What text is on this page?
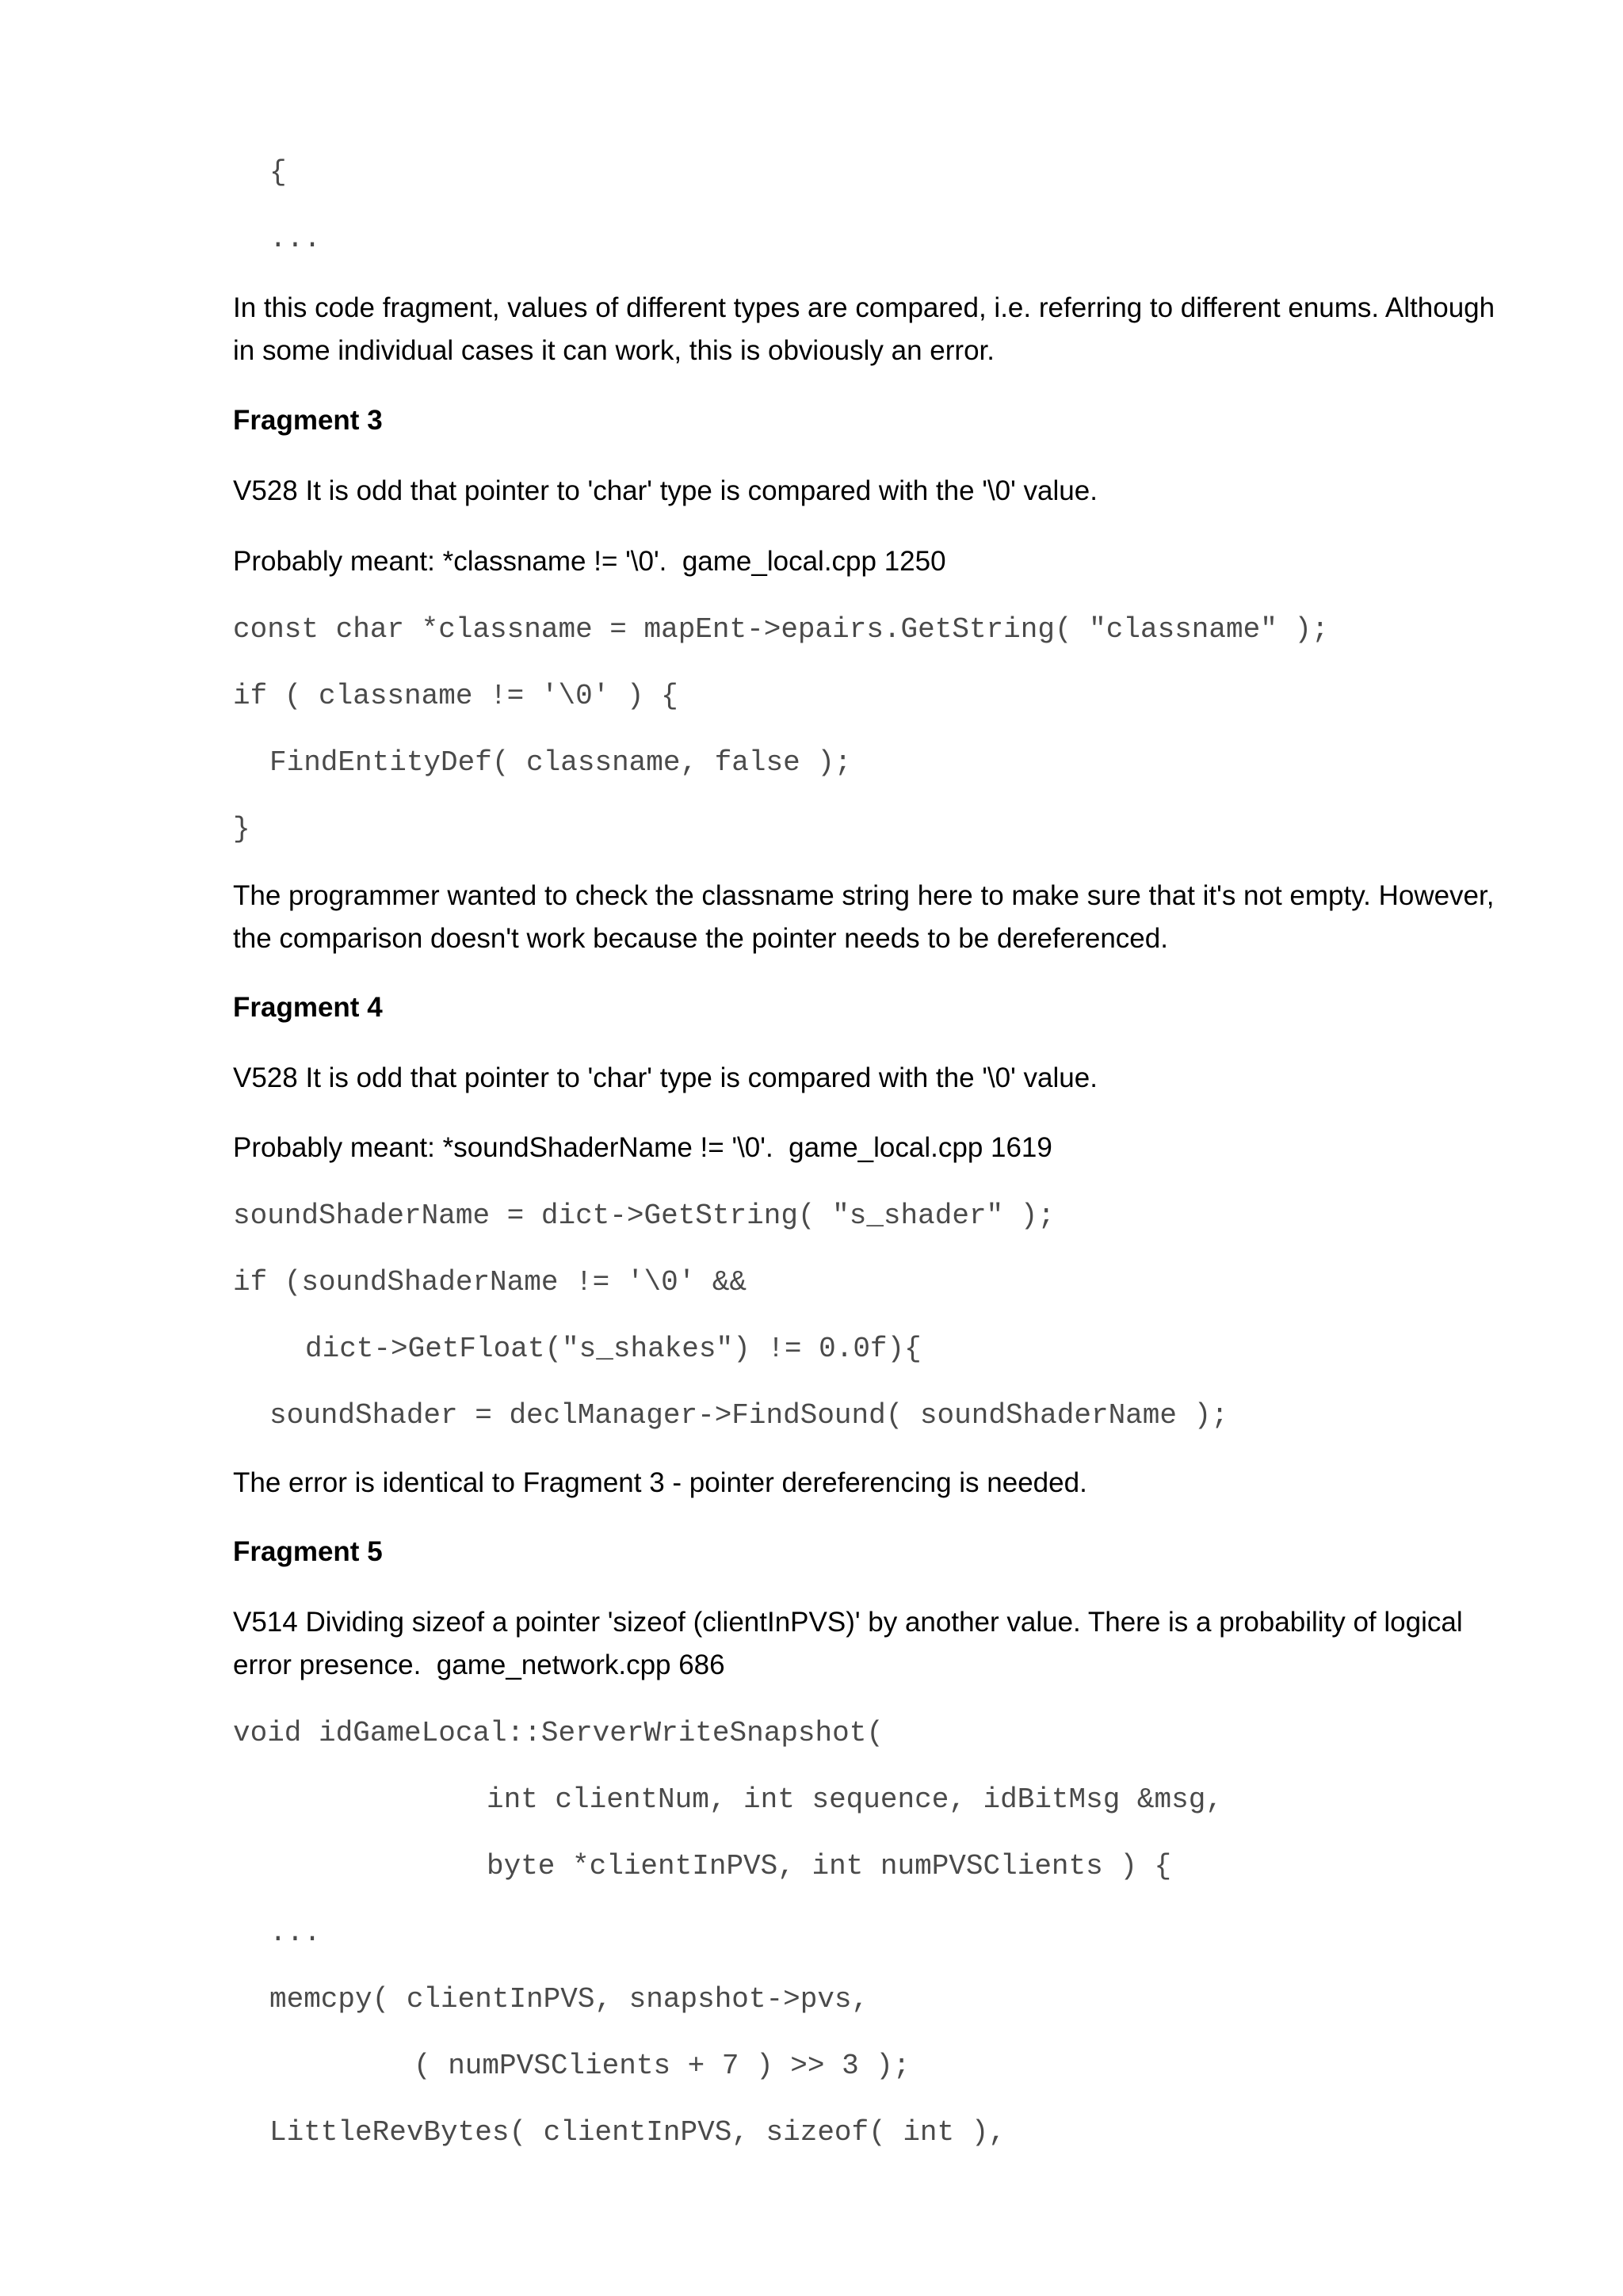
{
...
In this code fragment, values of different types are compared, i.e. referring to different enums. Although
in some individual cases it can work, this is obviously an error.
Fragment 3
V528 It is odd that pointer to 'char' type is compared with the '\0' value.
Probably meant: *classname != '\0'.  game_local.cpp 1250
const char *classname = mapEnt->epairs.GetString( "classname" );
if ( classname != '\0' ) {
FindEntityDef( classname, false );
}
The programmer wanted to check the classname string here to make sure that it's not empty. However,
the comparison doesn't work because the pointer needs to be dereferenced.
Fragment 4
V528 It is odd that pointer to 'char' type is compared with the '\0' value.
Probably meant: *soundShaderName != '\0'.  game_local.cpp 1619
soundShaderName = dict->GetString( "s_shader" );
if (soundShaderName != '\0' &&
dict->GetFloat("s_shakes") != 0.0f){
soundShader = declManager->FindSound( soundShaderName );
The error is identical to Fragment 3 - pointer dereferencing is needed.
Fragment 5
V514 Dividing sizeof a pointer 'sizeof (clientInPVS)' by another value. There is a probability of logical
error presence.  game_network.cpp 686
void idGameLocal::ServerWriteSnapshot(
int clientNum, int sequence, idBitMsg &msg,
byte *clientInPVS, int numPVSClients ) {
...
memcpy( clientInPVS, snapshot->pvs,
( numPVSClients + 7 ) >> 3 );
LittleRevBytes( clientInPVS, sizeof( int ),
